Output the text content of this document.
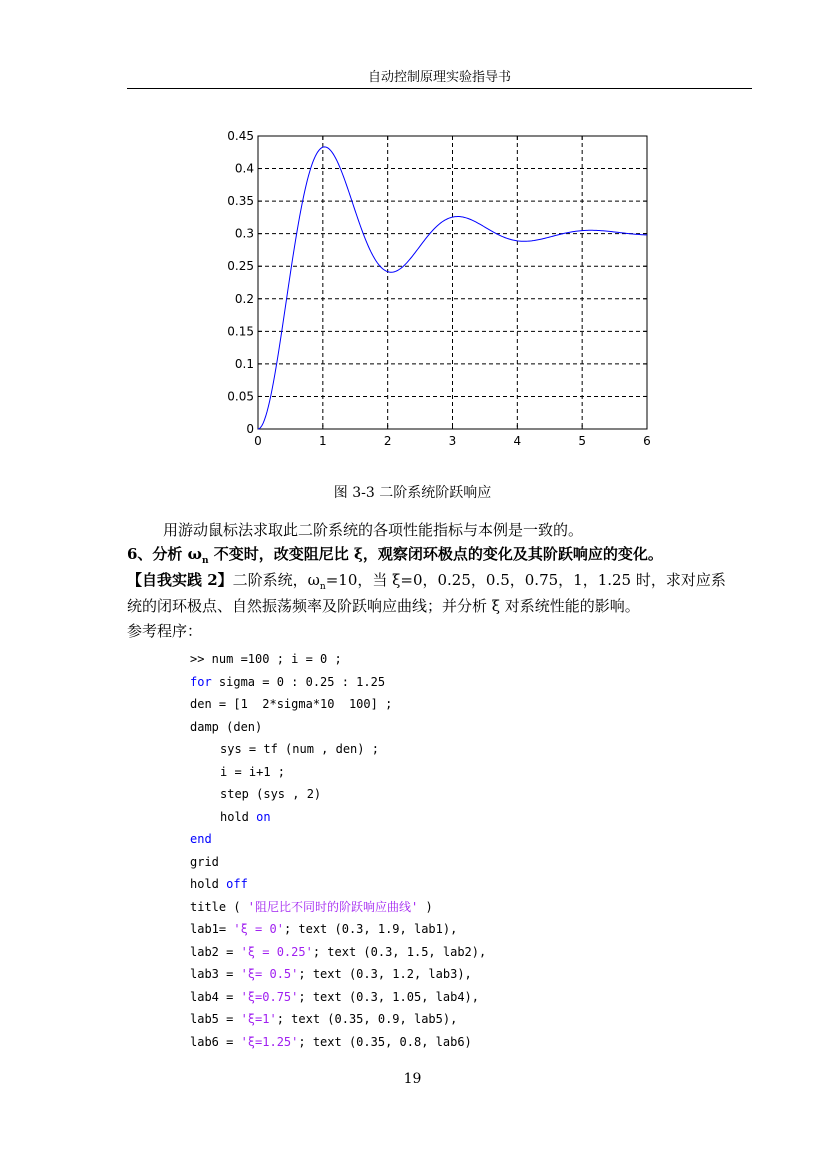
自动控制原理实验指导书
0	1	2	3	4	5	6
0
0.05
0.1
0.15
0.2
0.25
0.3
0.35
0.4
0.45
图 3-3 二阶系统阶跃响应
用游动鼠标法求取此二阶系统的各项性能指标与本例是一致的。
6、分析 $\omega_n$ 不变时，改变阻尼比 ξ，观察闭环极点的变化及其阶跃响应的变化。
【自我实践 2】二阶系统，$\omega_n=10$，当 ξ=0，0.25，0.5，0.75，1，1.25 时，求对应系
统的闭环极点、自然振荡频率及阶跃响应曲线；并分析 ξ 对系统性能的影响。
参考程序：
>> num =100 ; i = 0 ;
for sigma = 0 : 0.25 : 1.25
den = [1  2*sigma*10  100] ;
damp (den)
sys = tf (num , den) ;
i = i+1 ;
step (sys , 2)
hold on
end
grid
hold off
title ( '阻尼比不同时的阶跃响应曲线' )
lab1= 'ξ = 0'; text (0.3, 1.9, lab1),
lab2 = 'ξ = 0.25'; text (0.3, 1.5, lab2),
lab3 = 'ξ= 0.5'; text (0.3, 1.2, lab3),
lab4 = 'ξ=0.75'; text (0.3, 1.05, lab4),
lab5 = 'ξ=1'; text (0.35, 0.9, lab5),
lab6 = 'ξ=1.25'; text (0.35, 0.8, lab6)
19
